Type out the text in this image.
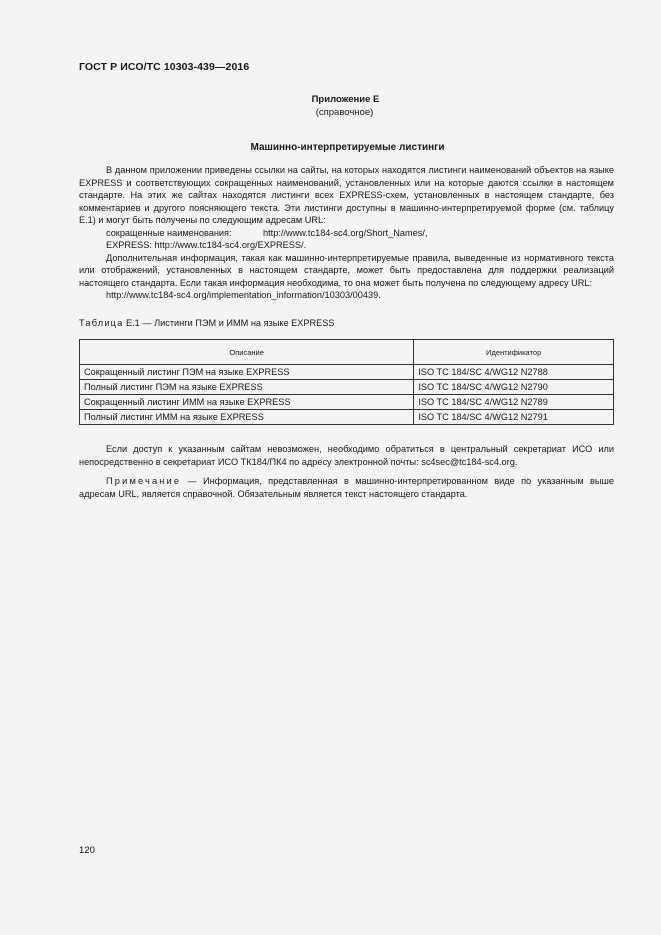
ГОСТ Р ИСО/ТС 10303-439—2016
Приложение Е
(справочное)
Машинно-интерпретируемые листинги

В данном приложении приведены ссылки на сайты, на которых находятся листинги наименований объектов на языке EXPRESS и соответствующих сокращенных наименований, установленных или на которые даются ссылки в настоящем стандарте. На этих же сайтах находятся листинги всех EXPRESS-схем, установленных в настоящем стандарте, без комментариев и другого поясняющего текста. Эти листинги доступны в машинно-интерпретируемой форме (см. таблицу Е.1) и могут быть получены по следующим адресам URL:

сокращенные наименования:	http://www.tc184-sc4.org/Short_Names/,
EXPRESS: http://www.tc184-sc4.org/EXPRESS/.

Дополнительная информация, такая как машинно-интерпретируемые правила, выведенные из нормативного текста или отображений, установленных в настоящем стандарте, может быть предоставлена для поддержки реализаций настоящего стандарта. Если такая информация необходима, то она может быть получена по следующему адресу URL:

http://www.tc184-sc4.org/implementation_information/10303/00439.
Таблица Е.1 — Листинги ПЭМ и ИММ на языке EXPRESS
Описание	Идентификатор
Сокращенный листинг ПЭМ на языке EXPRESS	ISO TC 184/SC 4/WG12 N2788
Полный листинг ПЭМ на языке EXPRESS	ISO TC 184/SC 4/WG12 N2790
Сокращенный листинг ИММ на языке EXPRESS	ISO TC 184/SC 4/WG12 N2789
Полный листинг ИММ на языке EXPRESS	ISO TC 184/SC 4/WG12 N2791

Если доступ к указанным сайтам невозможен, необходимо обратиться в центральный секретариат ИСО или непосредственно в секретариат ИСО ТК184/ПК4 по адресу электронной почты: sc4sec@tc184-sc4.org.

Примечание — Информация, представленная в машинно-интерпретированном виде по указанным выше адресам URL, является справочной. Обязательным является текст настоящего стандарта.

120
